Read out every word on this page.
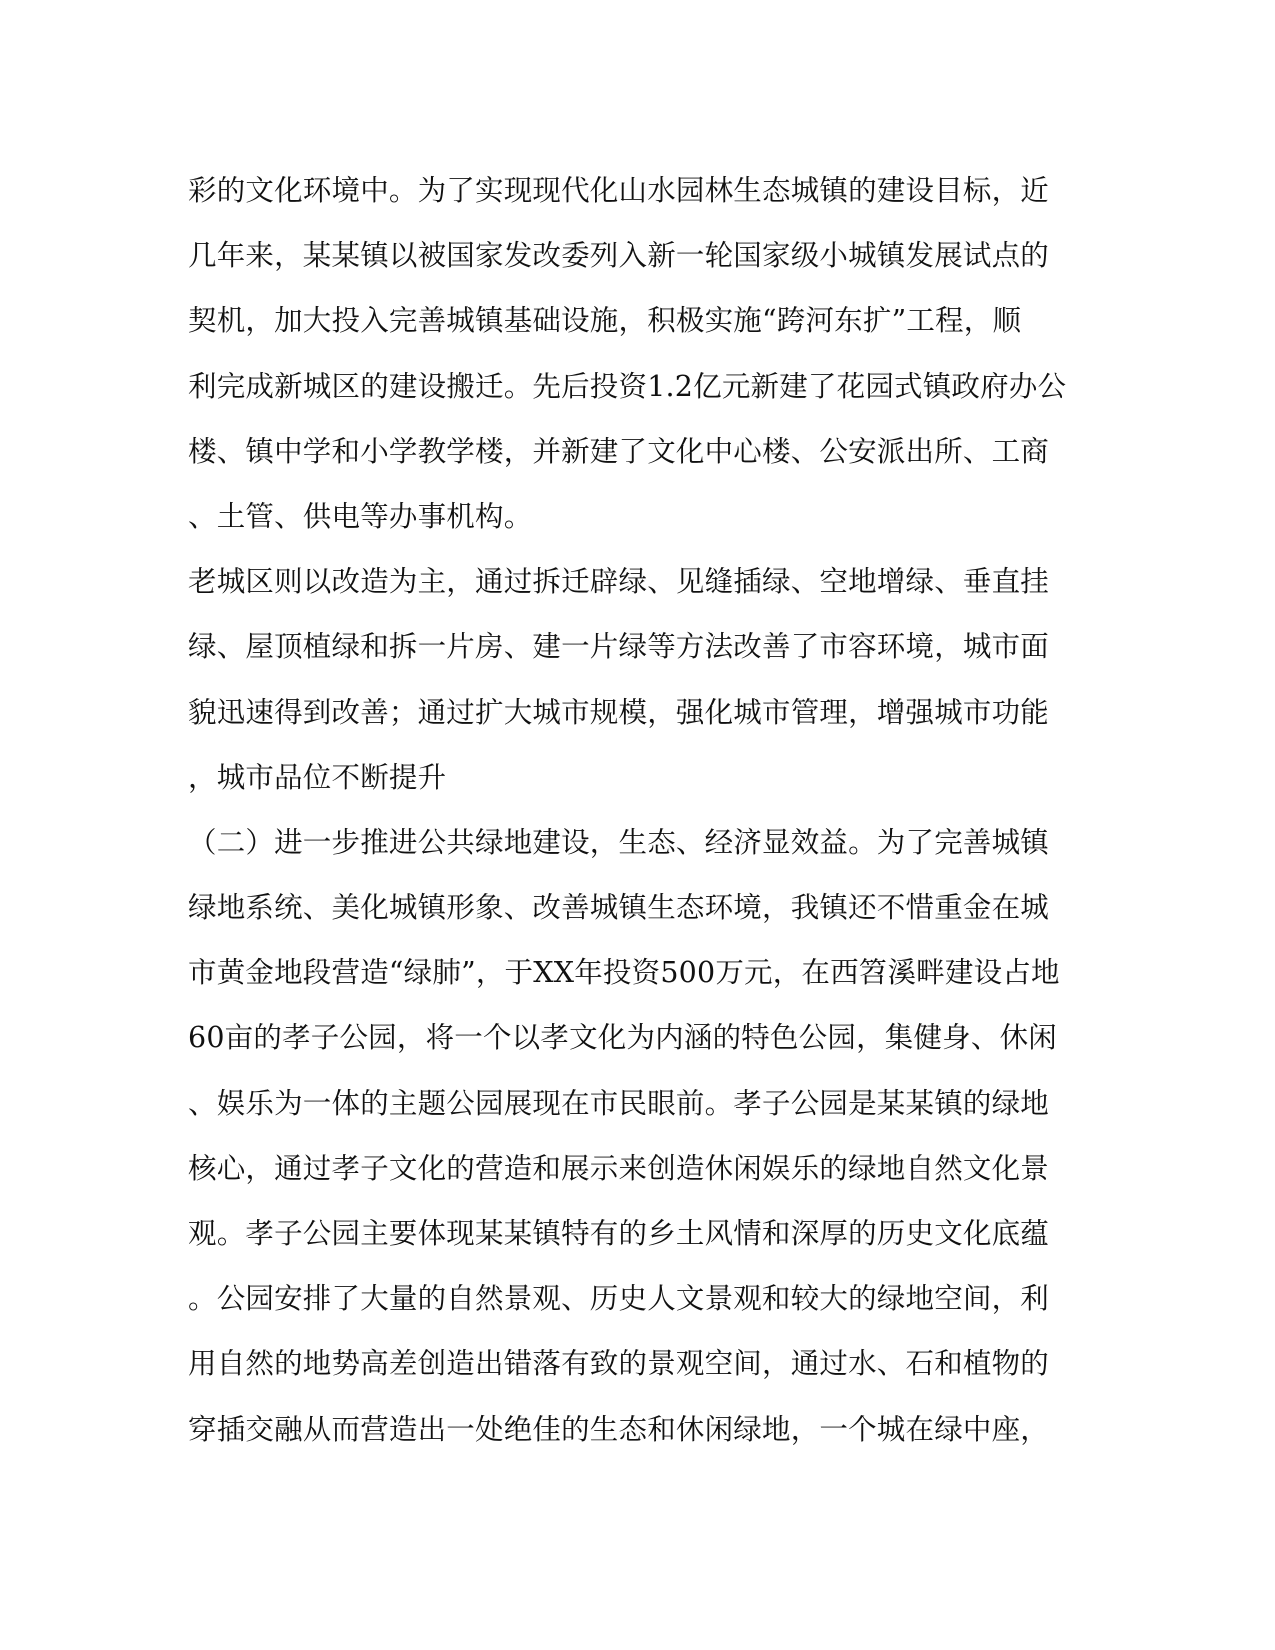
彩的文化环境中。为了实现现代化山水园林生态城镇的建设目标，近
几年来，某某镇以被国家发改委列入新一轮国家级小城镇发展试点的
契机，加大投入完善城镇基础设施，积极实施“跨河东扩”工程，顺
利完成新城区的建设搬迁。先后投资1.2亿元新建了花园式镇政府办公
楼、镇中学和小学教学楼，并新建了文化中心楼、公安派出所、工商
、土管、供电等办事机构。
老城区则以改造为主，通过拆迁辟绿、见缝插绿、空地增绿、垂直挂
绿、屋顶植绿和拆一片房、建一片绿等方法改善了市容环境，城市面
貌迅速得到改善；通过扩大城市规模，强化城市管理，增强城市功能
，城市品位不断提升
（二）进一步推进公共绿地建设，生态、经济显效益。为了完善城镇
绿地系统、美化城镇形象、改善城镇生态环境，我镇还不惜重金在城
市黄金地段营造“绿肺”，于XX年投资500万元，在西笤溪畔建设占地
60亩的孝子公园，将一个以孝文化为内涵的特色公园，集健身、休闲
、娱乐为一体的主题公园展现在市民眼前。孝子公园是某某镇的绿地
核心，通过孝子文化的营造和展示来创造休闲娱乐的绿地自然文化景
观。孝子公园主要体现某某镇特有的乡土风情和深厚的历史文化底蕴
。公园安排了大量的自然景观、历史人文景观和较大的绿地空间，利
用自然的地势高差创造出错落有致的景观空间，通过水、石和植物的
穿插交融从而营造出一处绝佳的生态和休闲绿地，一个城在绿中座，
